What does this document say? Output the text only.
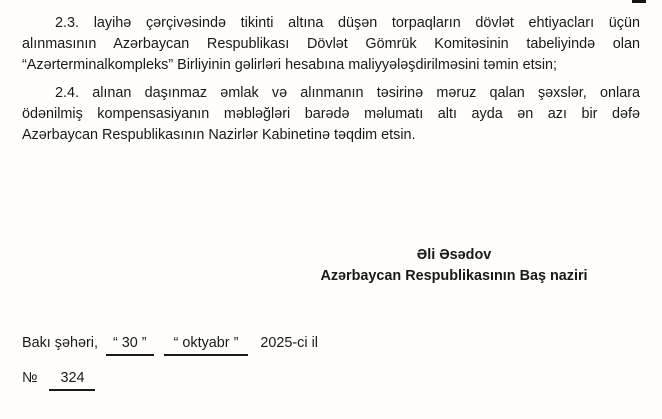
2.3. layihə çərçivəsində tikinti altına düşən torpaqların dövlət ehtiyacları üçün
alınmasının Azərbaycan Respublikası Dövlət Gömrük Komitəsinin tabeliyində olan
“Azərterminalkompleks” Birliyinin gəlirləri hesabına maliyyələşdirilməsini təmin etsin;

2.4. alınan daşınmaz əmlak və alınmanın təsirinə məruz qalan şəxslər, onlara
ödənilmiş kompensasiyanın məbləğləri barədə məlumatı altı ayda ən azı bir dəfə
Azərbaycan Respublikasının Nazirlər Kabinetinə təqdim etsin.

Əli Əsədov
Azərbaycan Respublikasının Baş naziri
Bakı şəhəri, “ 30 ” “ oktyabr ” 2025-ci il
№ 324
